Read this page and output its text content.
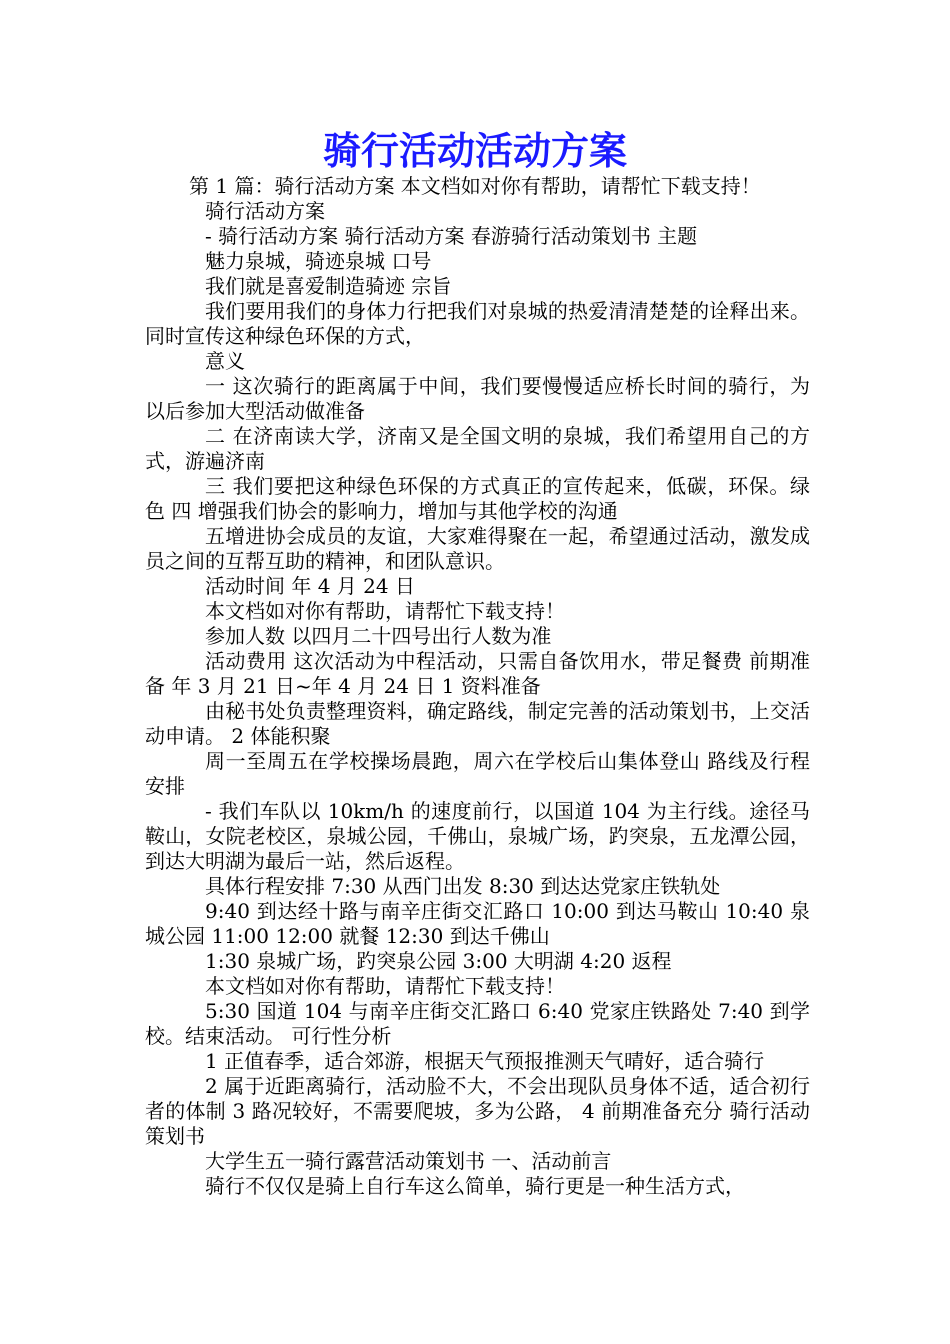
骑行活动活动方案

第 1 篇：骑行活动方案 本文档如对你有帮助，请帮忙下载支持！

骑行活动方案

- 骑行活动方案 骑行活动方案 春游骑行活动策划书 主题

魅力泉城，骑迹泉城 口号

我们就是喜爱制造骑迹 宗旨

我们要用我们的身体力行把我们对泉城的热爱清清楚楚的诠释出来。同时宣传这种绿色环保的方式，

意义

一 这次骑行的距离属于中间，我们要慢慢适应桥长时间的骑行，为以后参加大型活动做准备

二 在济南读大学，济南又是全国文明的泉城，我们希望用自己的方式，游遍济南

三 我们要把这种绿色环保的方式真正的宣传起来，低碳，环保。绿色 四 增强我们协会的影响力，增加与其他学校的沟通

五增进协会成员的友谊，大家难得聚在一起，希望通过活动，激发成员之间的互帮互助的精神，和团队意识。

活动时间 年 4 月 24 日

本文档如对你有帮助，请帮忙下载支持！

参加人数 以四月二十四号出行人数为准

活动费用 这次活动为中程活动，只需自备饮用水，带足餐费 前期准备 年 3 月 21 日~年 4 月 24 日 1 资料准备

由秘书处负责整理资料，确定路线，制定完善的活动策划书，上交活动申请。 2 体能积聚

周一至周五在学校操场晨跑，周六在学校后山集体登山 路线及行程安排

- 我们车队以 10km/h 的速度前行，以国道 104 为主行线。途径马鞍山，女院老校区，泉城公园，千佛山，泉城广场，趵突泉，五龙潭公园，到达大明湖为最后一站，然后返程。

具体行程安排 7:30 从西门出发 8:30 到达达党家庄铁轨处

9:40 到达经十路与南辛庄街交汇路口 10:00 到达马鞍山 10:40 泉城公园 11:00 12:00 就餐 12:30 到达千佛山

1:30 泉城广场，趵突泉公园 3:00 大明湖 4:20 返程

本文档如对你有帮助，请帮忙下载支持！

5:30 国道 104 与南辛庄街交汇路口 6:40 党家庄铁路处 7:40 到学校。结束活动。 可行性分析

1 正值春季，适合郊游，根据天气预报推测天气晴好，适合骑行

2 属于近距离骑行，活动脸不大，不会出现队员身体不适，适合初行者的体制 3 路况较好，不需要爬坡，多为公路， 4 前期准备充分 骑行活动策划书

大学生五一骑行露营活动策划书 一、活动前言

骑行不仅仅是骑上自行车这么简单，骑行更是一种生活方式，
